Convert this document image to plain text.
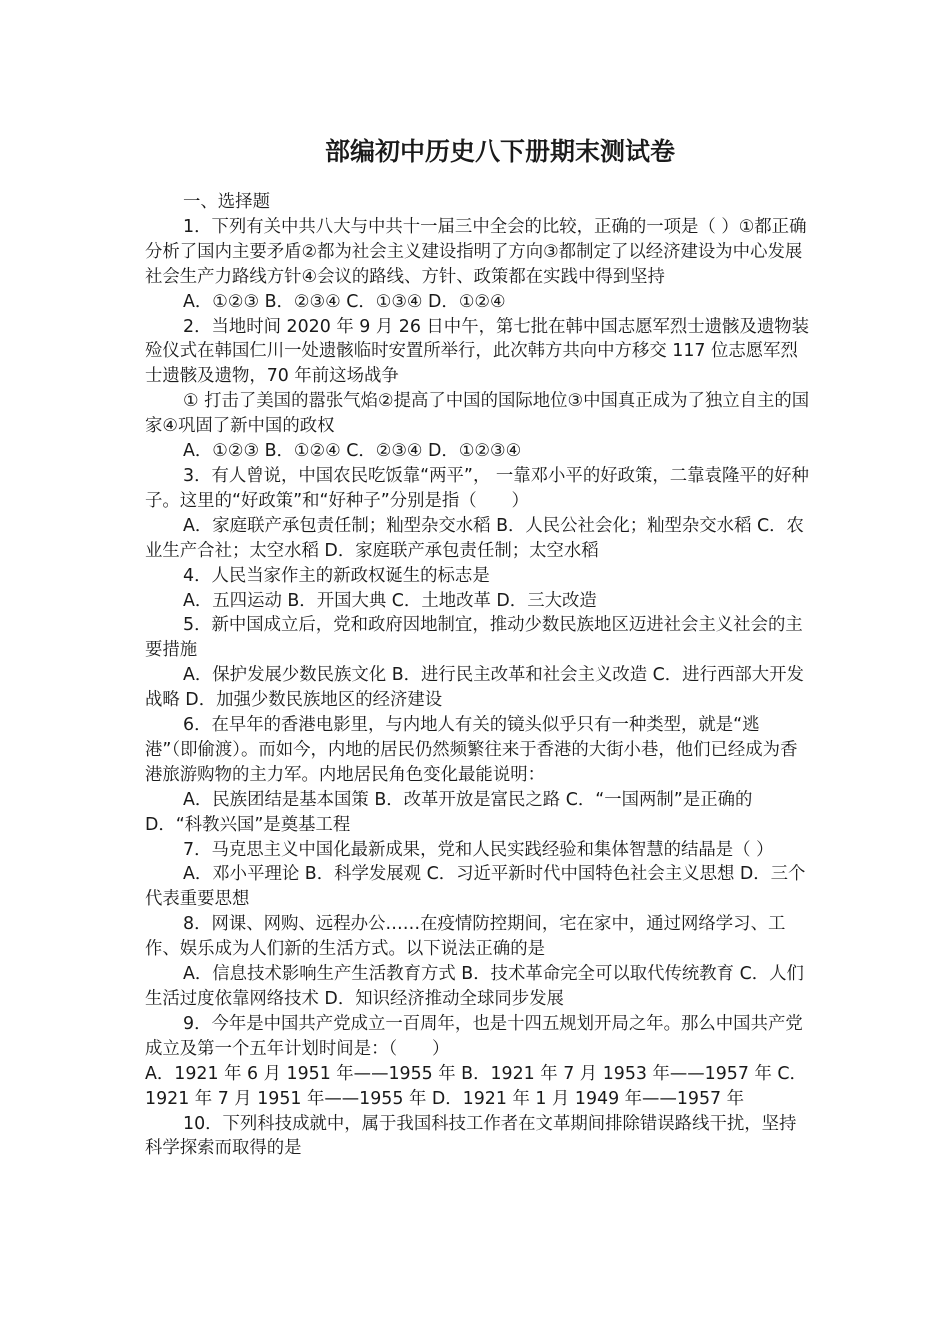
部编初中历史八下册期末测试卷

一、选择题

1．下列有关中共八大与中共十一届三中全会的比较，正确的一项是（ ）①都正确分析了国内主要矛盾②都为社会主义建设指明了方向③都制定了以经济建设为中心发展社会生产力路线方针④会议的路线、方针、政策都在实践中得到坚持

A．①②③ B．②③④ C．①③④ D．①②④

2．当地时间 2020 年 9 月 26 日中午，第七批在韩中国志愿军烈士遗骸及遗物装殓仪式在韩国仁川一处遗骸临时安置所举行，此次韩方共向中方移交 117 位志愿军烈士遗骸及遗物，70 年前这场战争

① 打击了美国的嚣张气焰②提高了中国的国际地位③中国真正成为了独立自主的国家④巩固了新中国的政权

A．①②③ B．①②④ C．②③④ D．①②③④

3．有人曾说，中国农民吃饭靠“两平”， 一靠邓小平的好政策，二靠袁隆平的好种子。这里的“好政策”和“好种子”分别是指（　　）

A．家庭联产承包责任制；籼型杂交水稻 B．人民公社会化；籼型杂交水稻 C．农业生产合社；太空水稻 D．家庭联产承包责任制；太空水稻

4．人民当家作主的新政权诞生的标志是

A．五四运动 B．开国大典 C．土地改革 D．三大改造

5．新中国成立后，党和政府因地制宜，推动少数民族地区迈进社会主义社会的主要措施

A．保护发展少数民族文化 B．进行民主改革和社会主义改造 C．进行西部大开发战略 D．加强少数民族地区的经济建设

6．在早年的香港电影里，与内地人有关的镜头似乎只有一种类型，就是“逃港”（即偷渡）。而如今，内地的居民仍然频繁往来于香港的大街小巷，他们已经成为香港旅游购物的主力军。内地居民角色变化最能说明：

A．民族团结是基本国策 B．改革开放是富民之路 C．“一国两制”是正确的 D．“科教兴国”是奠基工程

7．马克思主义中国化最新成果，党和人民实践经验和集体智慧的结晶是（ ）

A．邓小平理论 B．科学发展观 C．习近平新时代中国特色社会主义思想 D．三个代表重要思想

8．网课、网购、远程办公……在疫情防控期间，宅在家中，通过网络学习、工作、娱乐成为人们新的生活方式。以下说法正确的是

A．信息技术影响生产生活教育方式 B．技术革命完全可以取代传统教育 C．人们生活过度依靠网络技术 D．知识经济推动全球同步发展

9．今年是中国共产党成立一百周年，也是十四五规划开局之年。那么中国共产党成立及第一个五年计划时间是：（　　）

A．1921 年 6 月 1951 年——1955 年 B．1921 年 7 月 1953 年——1957 年 C．1921 年 7 月 1951 年——1955 年 D．1921 年 1 月 1949 年——1957 年

10．下列科技成就中，属于我国科技工作者在文革期间排除错误路线干扰，坚持科学探索而取得的是
